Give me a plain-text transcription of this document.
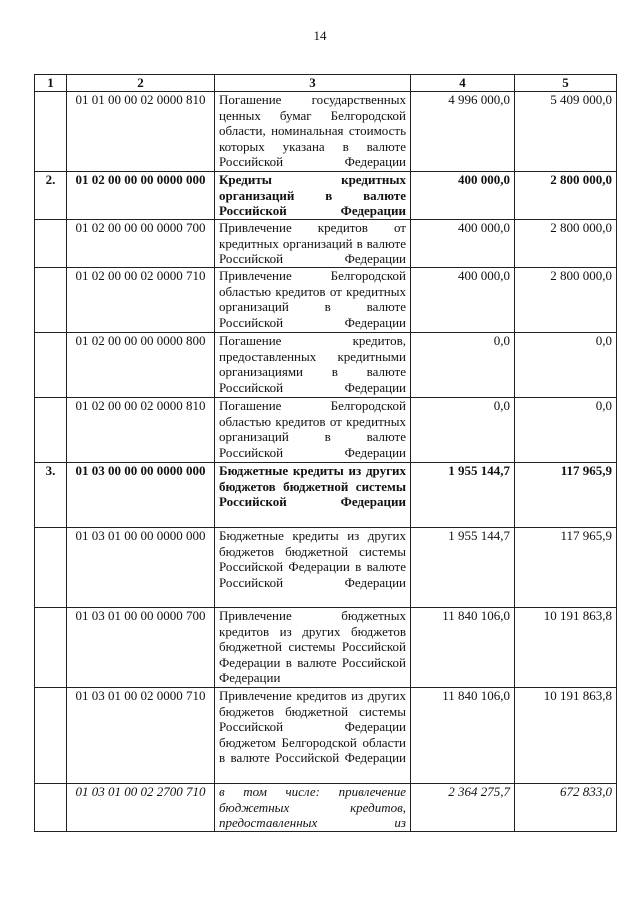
14
1	2	3	4	5
	01 01 00 00 02 0000 810	Погашение государственных ценных бумаг Белгородской области, номинальная стоимость которых указана в валюте Российской Федерации	4 996 000,0	5 409 000,0
2.	01 02 00 00 00 0000 000	Кредиты кредитных организаций в валюте Российской Федерации	400 000,0	2 800 000,0
	01 02 00 00 00 0000 700	Привлечение кредитов от кредитных организаций в валюте Российской Федерации	400 000,0	2 800 000,0
	01 02 00 00 02 0000 710	Привлечение Белгородской областью кредитов от кредитных организаций в валюте Российской Федерации	400 000,0	2 800 000,0
	01 02 00 00 00 0000 800	Погашение кредитов, предоставленных кредитными организациями в валюте Российской Федерации	0,0	0,0
	01 02 00 00 02 0000 810	Погашение Белгородской областью кредитов от кредитных организаций в валюте Российской Федерации	0,0	0,0
3.	01 03 00 00 00 0000 000	Бюджетные кредиты из других бюджетов бюджетной системы Российской Федерации	1 955 144,7	117 965,9
	01 03 01 00 00 0000 000	Бюджетные кредиты из других бюджетов бюджетной системы Российской Федерации в валюте Российской Федерации	1 955 144,7	117 965,9
	01 03 01 00 00 0000 700	Привлечение бюджетных кредитов из других бюджетов бюджетной системы Российской Федерации в валюте Российской Федерации	11 840 106,0	10 191 863,8
	01 03 01 00 02 0000 710	Привлечение кредитов из других бюджетов бюджетной системы Российской Федерации бюджетом Белгородской области в валюте Российской Федерации	11 840 106,0	10 191 863,8
	01 03 01 00 02 2700 710	в том числе: привлечение бюджетных кредитов, предоставленных из	2 364 275,7	672 833,0
